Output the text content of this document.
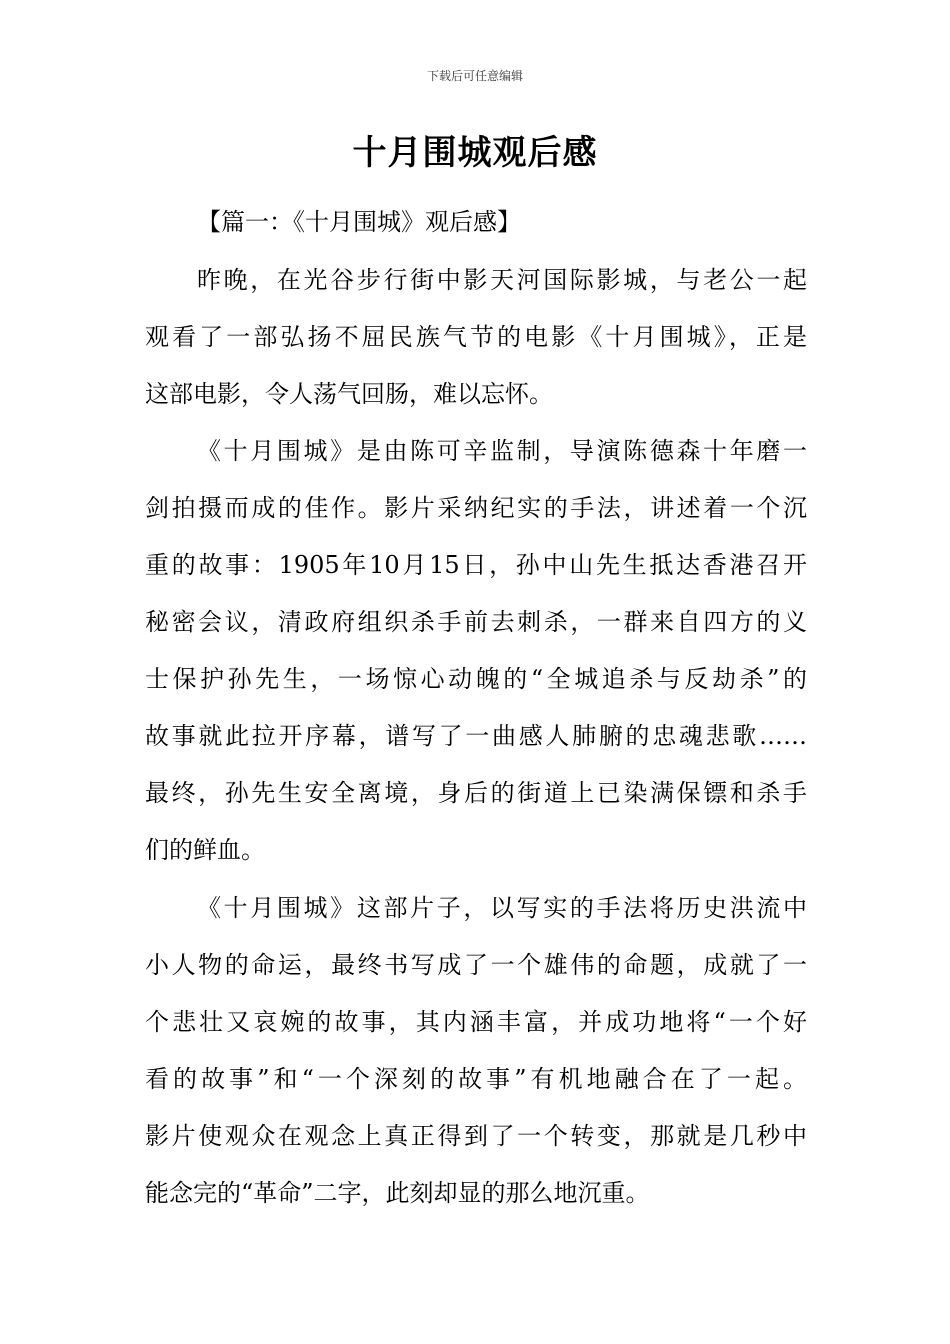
下载后可任意编辑
十月围城观后感
【篇一：《十月围城》观后感】
昨晚，在光谷步行街中影天河国际影城，与老公一起
观看了一部弘扬不屈民族气节的电影《十月围城》，正是
这部电影，令人荡气回肠，难以忘怀。
《十月围城》是由陈可辛监制，导演陈德森十年磨一
剑拍摄而成的佳作。影片采纳纪实的手法，讲述着一个沉
重的故事：1905年10月15日，孙中山先生抵达香港召开
秘密会议，清政府组织杀手前去刺杀，一群来自四方的义
士保护孙先生，一场惊心动魄的“全城追杀与反劫杀”的
故事就此拉开序幕，谱写了一曲感人肺腑的忠魂悲歌……
最终，孙先生安全离境，身后的街道上已染满保镖和杀手
们的鲜血。
《十月围城》这部片子，以写实的手法将历史洪流中
小人物的命运，最终书写成了一个雄伟的命题，成就了一
个悲壮又哀婉的故事，其内涵丰富，并成功地将“一个好
看的故事”和“一个深刻的故事”有机地融合在了一起。
影片使观众在观念上真正得到了一个转变，那就是几秒中
能念完的“革命”二字，此刻却显的那么地沉重。
